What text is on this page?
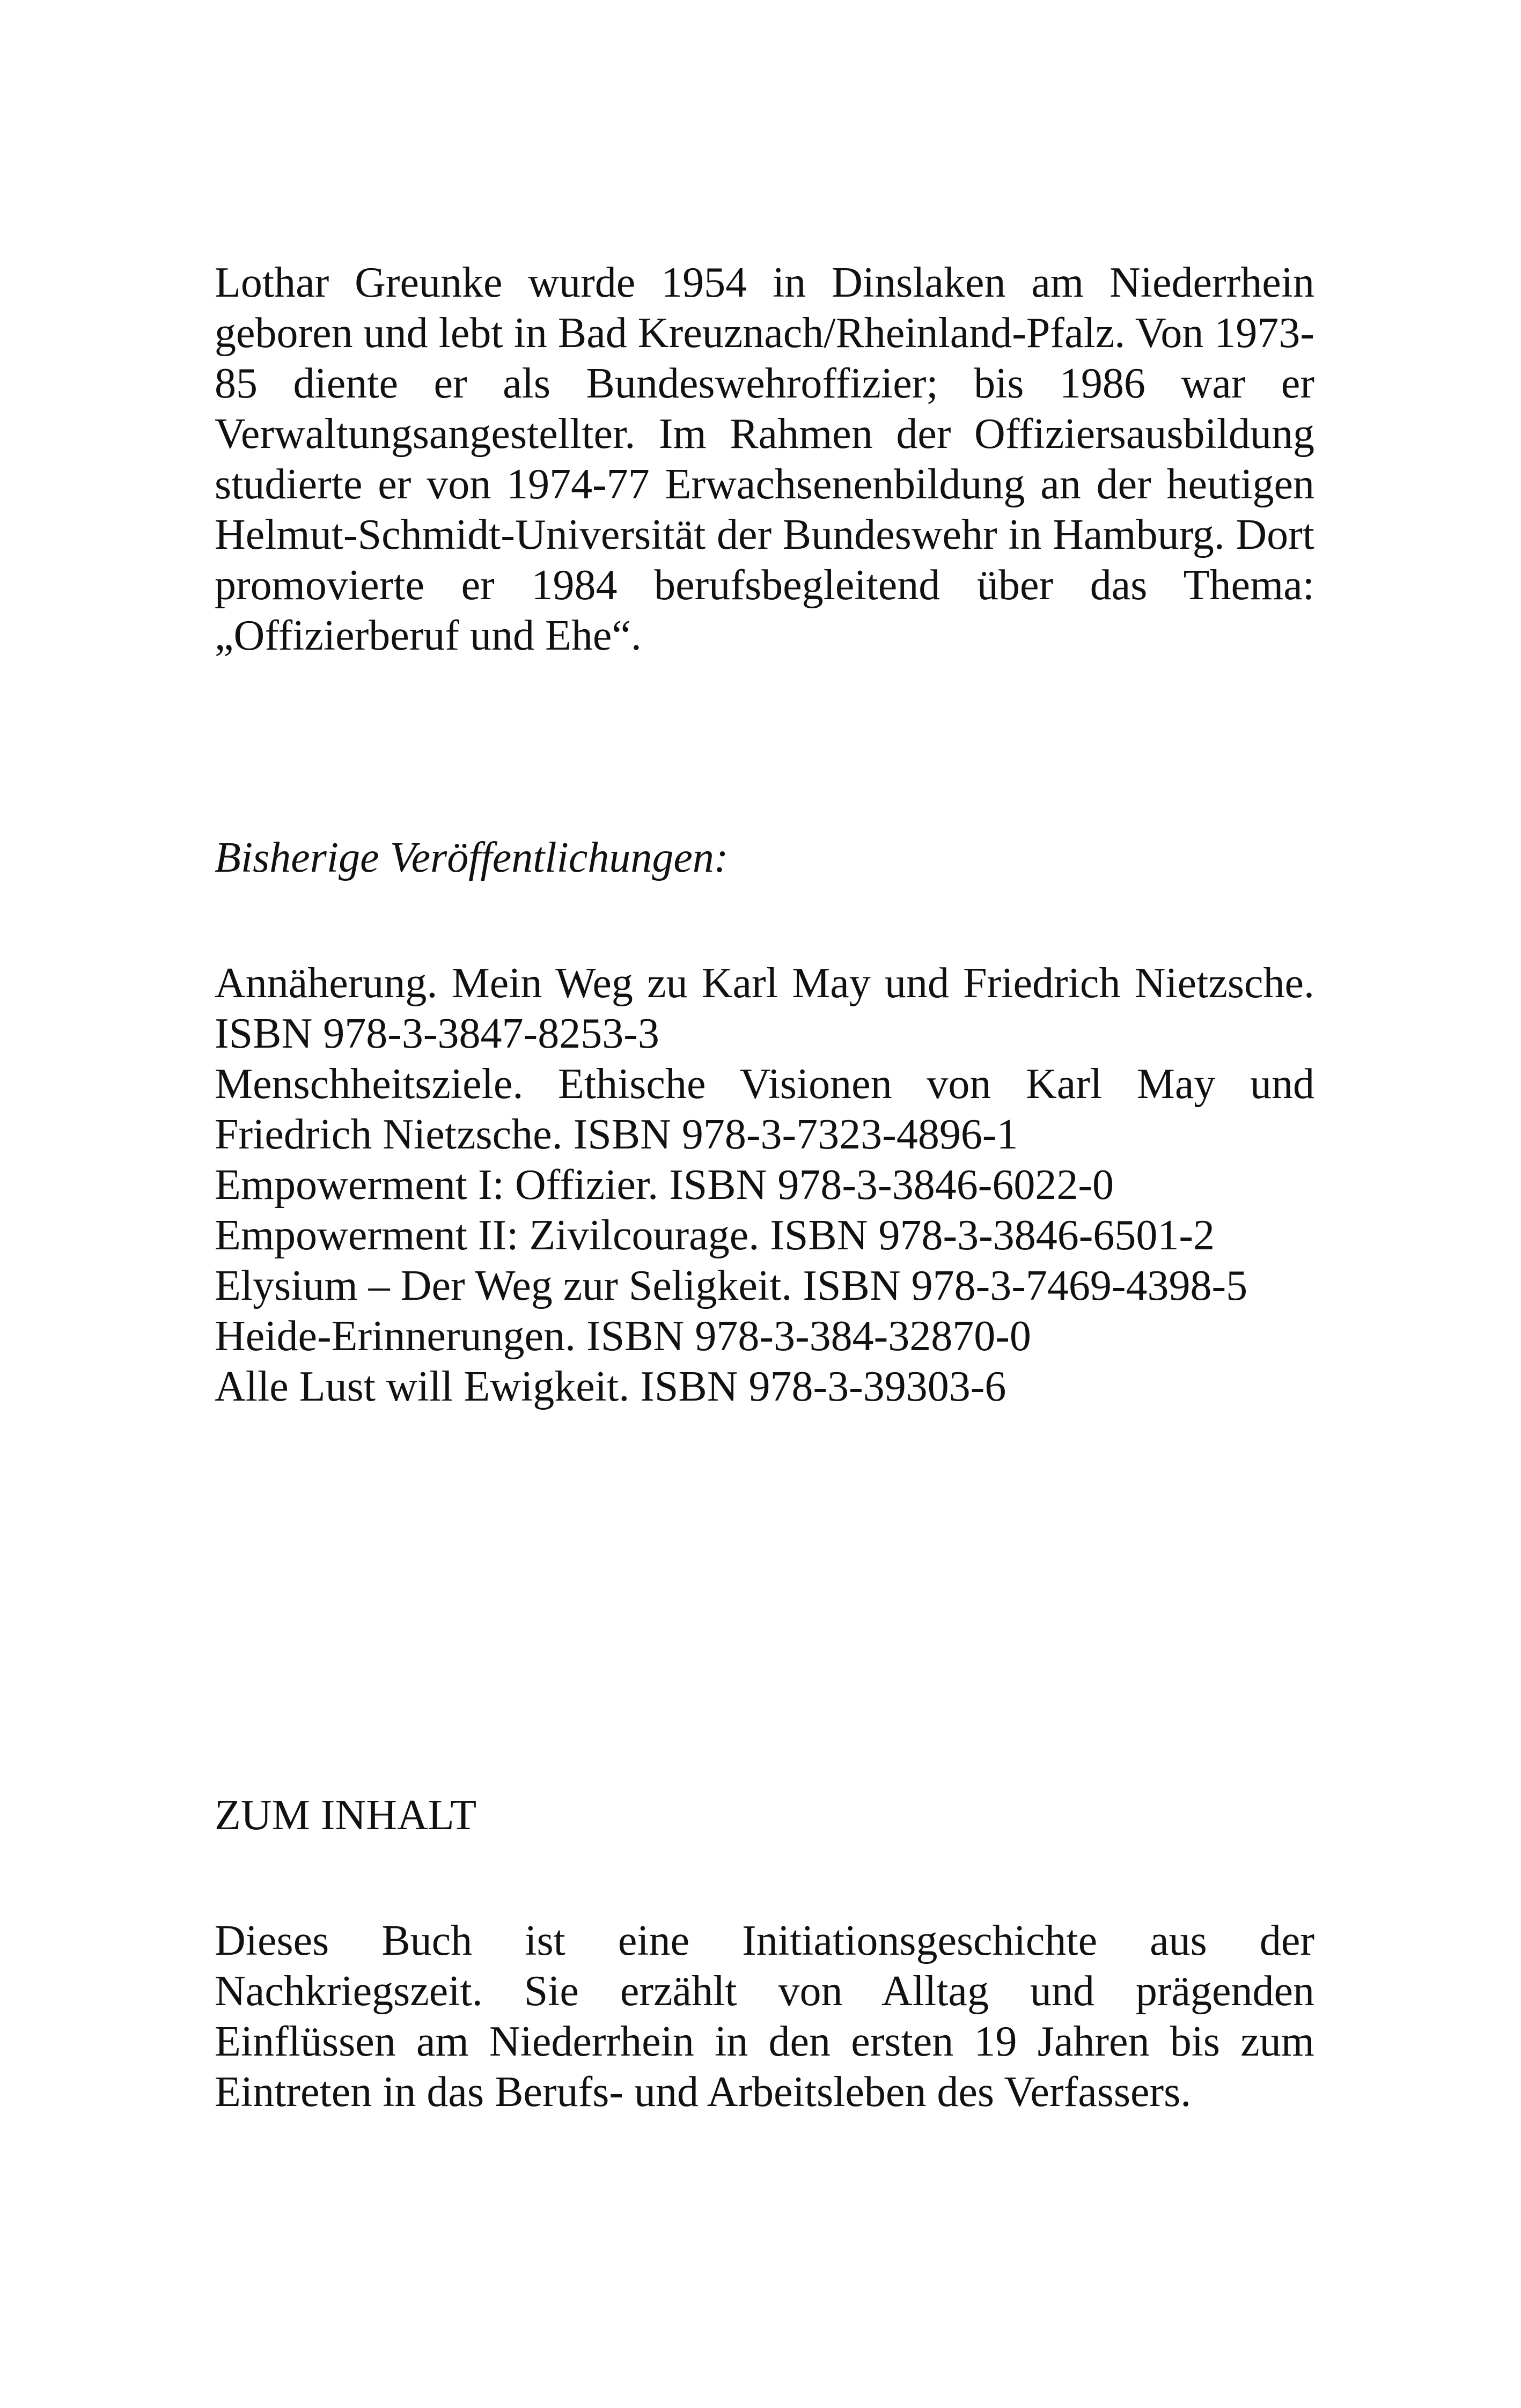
Lothar Greunke wurde 1954 in Dinslaken am Niederrhein geboren und lebt in Bad Kreuznach/Rheinland-Pfalz. Von 1973-85 diente er als Bundeswehroffizier; bis 1986 war er Verwaltungsangestellter. Im Rahmen der Offiziersausbildung studierte er von 1974-77 Erwachsenenbildung an der heutigen Helmut-Schmidt-Universität der Bundeswehr in Hamburg. Dort promovierte er 1984 berufsbegleitend über das Thema: „Offizierberuf und Ehe“.

Bisherige Veröffentlichungen:
Annäherung. Mein Weg zu Karl May und Friedrich Nietzsche. ISBN 978-3-3847-8253-3
Menschheitsziele. Ethische Visionen von Karl May und Friedrich Nietzsche. ISBN 978-3-7323-4896-1
Empowerment I: Offizier. ISBN 978-3-3846-6022-0
Empowerment II: Zivilcourage. ISBN 978-3-3846-6501-2
Elysium – Der Weg zur Seligkeit. ISBN 978-3-7469-4398-5
Heide-Erinnerungen. ISBN 978-3-384-32870-0
Alle Lust will Ewigkeit. ISBN 978-3-39303-6
ZUM INHALT

Dieses Buch ist eine Initiationsgeschichte aus der Nachkriegszeit. Sie erzählt von Alltag und prägenden Einflüssen am Niederrhein in den ersten 19 Jahren bis zum Eintreten in das Berufs- und Arbeitsleben des Verfassers.
